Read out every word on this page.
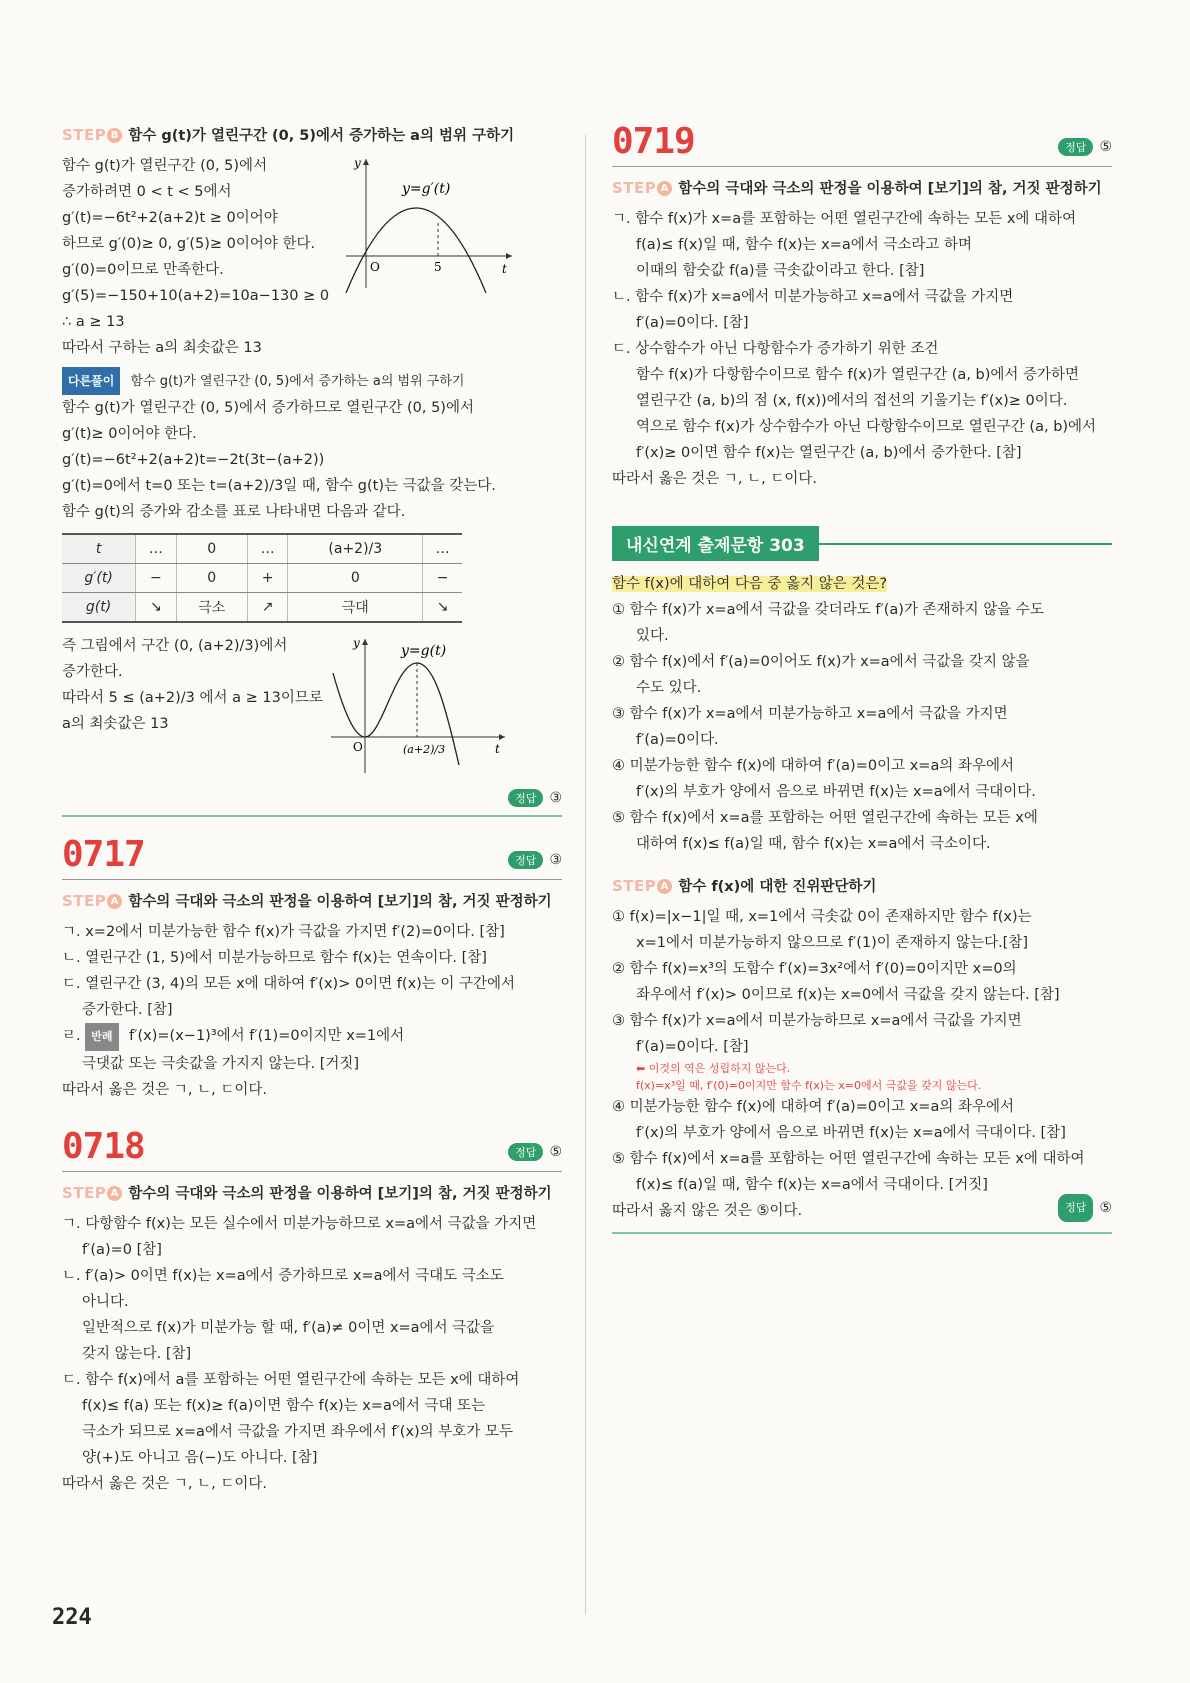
STEP B 함수 g(t)가 열린구간 (0, 5)에서 증가하는 a의 범위 구하기
함수 g(t)가 열린구간 (0, 5)에서
증가하려면 0 < t < 5에서
g′(t)=−6t²+2(a+2)t ≥ 0이어야
하므로 g′(0)≥ 0, g′(5)≥ 0이어야 한다.
g′(0)=0이므로 만족한다.
g′(5)=−150+10(a+2)=10a−130 ≥ 0
∴ a ≥ 13
따라서 구하는 a의 최솟값은 13
y
t
y=g′(t)
O	5
다른풀이 함수 g(t)가 열린구간 (0, 5)에서 증가하는 a의 범위 구하기
함수 g(t)가 열린구간 (0, 5)에서 증가하므로 열린구간 (0, 5)에서
g′(t)≥ 0이어야 한다.
g′(t)=−6t²+2(a+2)t=−2t(3t−(a+2))
g′(t)=0에서 t=0 또는 t=(a+2)/3일 때, 함수 g(t)는 극값을 갖는다.
함수 g(t)의 증가와 감소를 표로 나타내면 다음과 같다.
t	…	0	…	(a+2)/3	…
g′(t)	−	0	+	0	−
g(t)	↘	극소	↗	극대	↘
즉 그림에서 구간 (0, (a+2)/3)에서
증가한다.
따라서 5 ≤ (a+2)/3 에서 a ≥ 13이므로
a의 최솟값은 13
y
t
y=g(t)
O	(a+2)/3
정답 ③
0717	정답 ③
STEP A 함수의 극대와 극소의 판정을 이용하여 [보기]의 참, 거짓 판정하기
ㄱ. x=2에서 미분가능한 함수 f(x)가 극값을 가지면 f′(2)=0이다. [참]
ㄴ. 열린구간 (1, 5)에서 미분가능하므로 함수 f(x)는 연속이다. [참]
ㄷ. 열린구간 (3, 4)의 모든 x에 대하여 f′(x)> 0이면 f(x)는 이 구간에서
증가한다. [참]
ㄹ. 반례 f′(x)=(x−1)³에서 f′(1)=0이지만 x=1에서
극댓값 또는 극솟값을 가지지 않는다. [거짓]
따라서 옳은 것은 ㄱ, ㄴ, ㄷ이다.
0718	정답 ⑤
STEP A 함수의 극대와 극소의 판정을 이용하여 [보기]의 참, 거짓 판정하기
ㄱ. 다항함수 f(x)는 모든 실수에서 미분가능하므로 x=a에서 극값을 가지면
f′(a)=0 [참]
ㄴ. f′(a)> 0이면 f(x)는 x=a에서 증가하므로 x=a에서 극대도 극소도
아니다.
일반적으로 f(x)가 미분가능 할 때, f′(a)≠ 0이면 x=a에서 극값을
갖지 않는다. [참]
ㄷ. 함수 f(x)에서 a를 포함하는 어떤 열린구간에 속하는 모든 x에 대하여
f(x)≤ f(a) 또는 f(x)≥ f(a)이면 함수 f(x)는 x=a에서 극대 또는
극소가 되므로 x=a에서 극값을 가지면 좌우에서 f′(x)의 부호가 모두
양(+)도 아니고 음(−)도 아니다. [참]
따라서 옳은 것은 ㄱ, ㄴ, ㄷ이다.
0719	정답 ⑤
STEP A 함수의 극대와 극소의 판정을 이용하여 [보기]의 참, 거짓 판정하기
ㄱ. 함수 f(x)가 x=a를 포함하는 어떤 열린구간에 속하는 모든 x에 대하여
f(a)≤ f(x)일 때, 함수 f(x)는 x=a에서 극소라고 하며
이때의 함숫값 f(a)를 극솟값이라고 한다. [참]
ㄴ. 함수 f(x)가 x=a에서 미분가능하고 x=a에서 극값을 가지면
f′(a)=0이다. [참]
ㄷ. 상수함수가 아닌 다항함수가 증가하기 위한 조건
함수 f(x)가 다항함수이므로 함수 f(x)가 열린구간 (a, b)에서 증가하면
열린구간 (a, b)의 점 (x, f(x))에서의 접선의 기울기는 f′(x)≥ 0이다.
역으로 함수 f(x)가 상수함수가 아닌 다항함수이므로 열린구간 (a, b)에서
f′(x)≥ 0이면 함수 f(x)는 열린구간 (a, b)에서 증가한다. [참]
따라서 옳은 것은 ㄱ, ㄴ, ㄷ이다.
내신연계 출제문항 303
함수 f(x)에 대하여 다음 중 옳지 않은 것은?
① 함수 f(x)가 x=a에서 극값을 갖더라도 f′(a)가 존재하지 않을 수도
있다.
② 함수 f(x)에서 f′(a)=0이어도 f(x)가 x=a에서 극값을 갖지 않을
수도 있다.
③ 함수 f(x)가 x=a에서 미분가능하고 x=a에서 극값을 가지면
f′(a)=0이다.
④ 미분가능한 함수 f(x)에 대하여 f′(a)=0이고 x=a의 좌우에서
f′(x)의 부호가 양에서 음으로 바뀌면 f(x)는 x=a에서 극대이다.
⑤ 함수 f(x)에서 x=a를 포함하는 어떤 열린구간에 속하는 모든 x에
대하여 f(x)≤ f(a)일 때, 함수 f(x)는 x=a에서 극소이다.
STEP A 함수 f(x)에 대한 진위판단하기
① f(x)=|x−1|일 때, x=1에서 극솟값 0이 존재하지만 함수 f(x)는
x=1에서 미분가능하지 않으므로 f′(1)이 존재하지 않는다.[참]
② 함수 f(x)=x³의 도함수 f′(x)=3x²에서 f′(0)=0이지만 x=0의
좌우에서 f′(x)> 0이므로 f(x)는 x=0에서 극값을 갖지 않는다. [참]
③ 함수 f(x)가 x=a에서 미분가능하므로 x=a에서 극값을 가지면
f′(a)=0이다. [참]
⬅ 이것의 역은 성립하지 않는다.
f(x)=x³일 때, f′(0)=0이지만 함수 f(x)는 x=0에서 극값을 갖지 않는다.
④ 미분가능한 함수 f(x)에 대하여 f′(a)=0이고 x=a의 좌우에서
f′(x)의 부호가 양에서 음으로 바뀌면 f(x)는 x=a에서 극대이다. [참]
⑤ 함수 f(x)에서 x=a를 포함하는 어떤 열린구간에 속하는 모든 x에 대하여
f(x)≤ f(a)일 때, 함수 f(x)는 x=a에서 극대이다. [거짓]
따라서 옳지 않은 것은 ⑤이다.	정답 ⑤
224
